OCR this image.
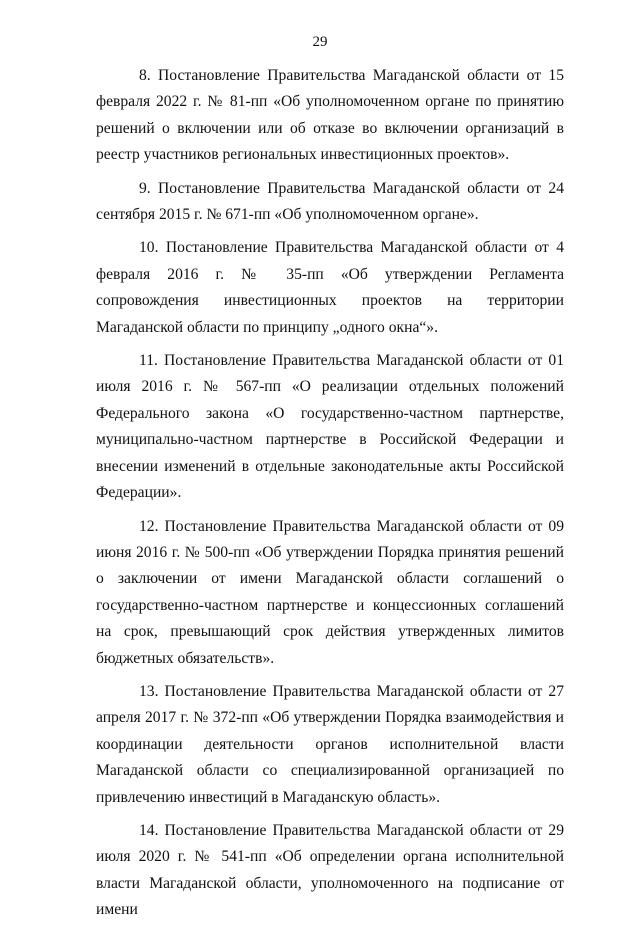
29

8. Постановление Правительства Магаданской области от 15 февраля 2022 г. № 81-пп «Об уполномоченном органе по принятию решений о включении или об отказе во включении организаций в реестр участников региональных инвестиционных проектов».

9. Постановление Правительства Магаданской области от 24 сентября 2015 г. № 671-пп «Об уполномоченном органе».

10. Постановление Правительства Магаданской области от 4 февраля 2016 г. № 35-пп «Об утверждении Регламента сопровождения инвестиционных проектов на территории Магаданской области по принципу „одного окна“».

11. Постановление Правительства Магаданской области от 01 июля 2016 г. № 567-пп «О реализации отдельных положений Федерального закона «О государственно-частном партнерстве, муниципально-частном партнерстве в Российской Федерации и внесении изменений в отдельные законодательные акты Российской Федерации».

12. Постановление Правительства Магаданской области от 09 июня 2016 г. № 500-пп «Об утверждении Порядка принятия решений о заключении от имени Магаданской области соглашений о государственно-частном партнерстве и концессионных соглашений на срок, превышающий срок действия утвержденных лимитов бюджетных обязательств».

13. Постановление Правительства Магаданской области от 27 апреля 2017 г. № 372-пп «Об утверждении Порядка взаимодействия и координации деятельности органов исполнительной власти Магаданской области со специализированной организацией по привлечению инвестиций в Магаданскую область».

14. Постановление Правительства Магаданской области от 29 июля 2020 г. № 541-пп «Об определении органа исполнительной власти Магаданской области, уполномоченного на подписание от имени
